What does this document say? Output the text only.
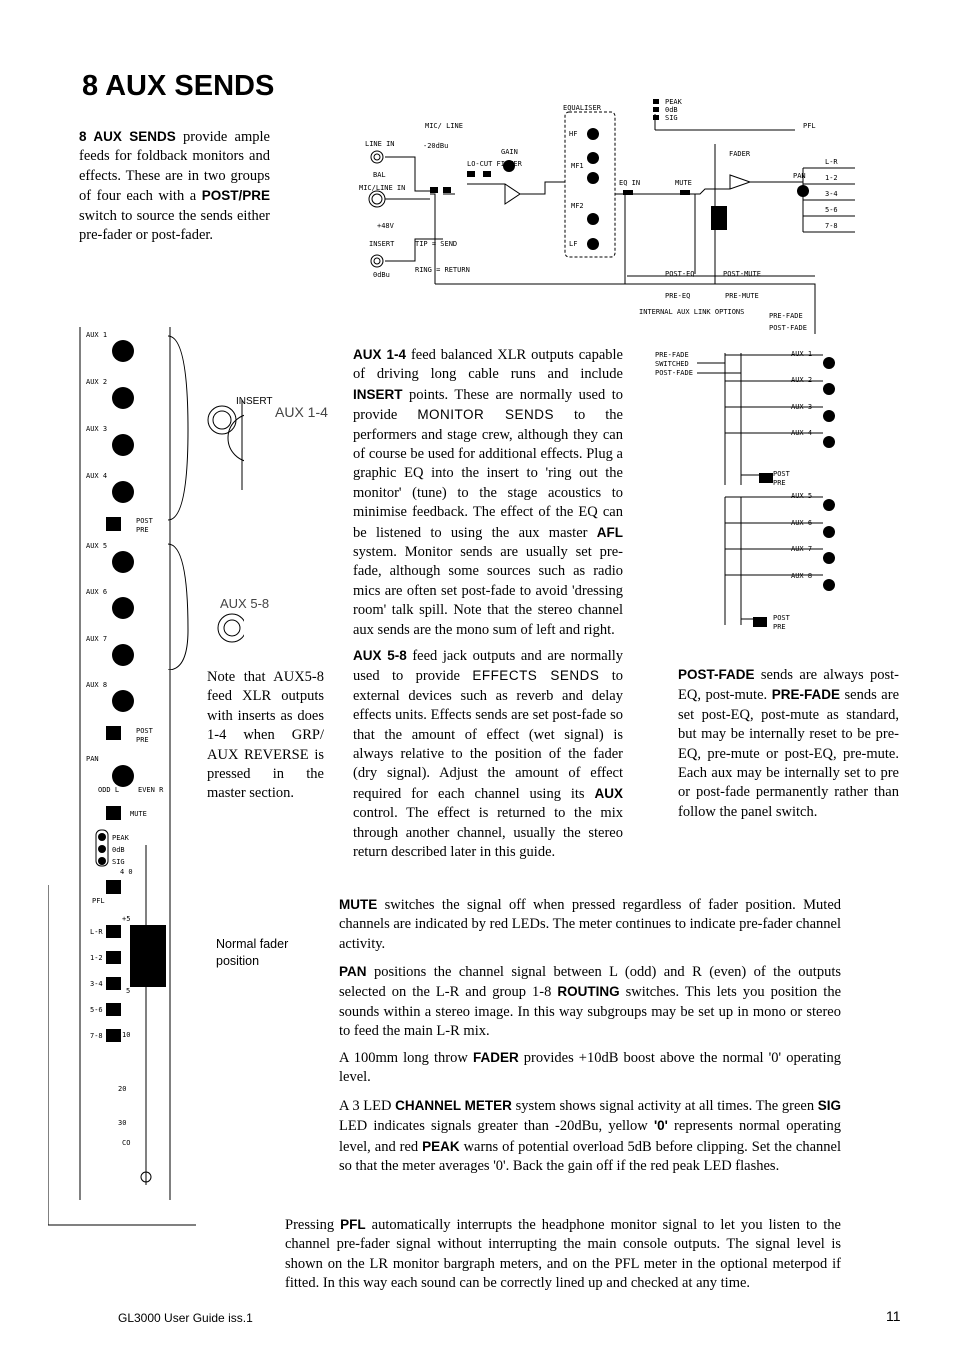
8 AUX SENDS
8 AUX SENDS provide ample feeds for foldback monitors and effects. These are in two groups of four each with a POST/PRE switch to source the sends either pre-fader or post-fader.
LINE IN
BAL
MIC/ LINE
-20dBu
MIC/LINE IN
+48V
INSERT
0dBu
TIP = SEND
RING = RETURN
GAIN
LO-CUT FILTER
EQUALISER
HF
MF1
MF2
LF
EQ IN	MUTE
FADER
PAN
PFL
PEAK
0dB
SIG
L-R
1-2
3-4
5-6
7-8
POST-EQ
PRE-EQ
POST-MUTE
PRE-MUTE
INTERNAL AUX LINK OPTIONS	PRE-FADE
POST-FADE
AUX 1
AUX 2
AUX 3
AUX 4
POST
PRE
AUX 5
AUX 6
AUX 7
AUX 8
POST
PRE
PAN
ODD L	EVEN R
MUTE
PEAK
0dB
SIG
4 0
PFL
L-R
1-2
3-4
5-6
7-8
+5
5
10
20
30
CO
INSERT
AUX 1-4
AUX 5-8
AUX 1-4 feed balanced XLR outputs capable of driving long cable runs and include INSERT points. These are normally used to provide MONITOR SENDS to the performers and stage crew, although they can of course be used for additional effects. Plug a graphic EQ into the insert to 'ring out the monitor' (tune) to the stage acoustics to minimise feedback. The effect of the EQ can be listened to using the aux master AFL system. Monitor sends are usually set pre-fade, although some sources such as radio mics are often set post-fade to avoid 'dressing room' talk spill. Note that the stereo channel aux sends are the mono sum of left and right.
AUX 5-8 feed jack outputs and are normally used to provide EFFECTS SENDS to external devices such as reverb and delay effects units. Effects sends are set post-fade so that the amount of effect (wet signal) is always relative to the position of the fader (dry signal). Adjust the amount of effect required for each channel using its AUX control. The effect is returned to the mix through another channel, usually the stereo return described later in this guide.
Note that AUX5-8 feed XLR outputs with inserts as does 1-4 when GRP/ AUX REVERSE is pressed in the master section.
PRE-FADE
SWITCHED
POST-FADE
AUX 1
AUX 2
AUX 3
AUX 4
POST
PRE
AUX 5
AUX 6
AUX 7
AUX 8
POST
PRE
POST-FADE sends are always post-EQ, post-mute. PRE-FADE sends are set post-EQ, post-mute as standard, but may be internally reset to be pre-EQ, pre-mute or post-EQ, pre-mute. Each aux may be internally set to pre or post-fade permanently rather than follow the panel switch.
Normal fader position
MUTE switches the signal off when pressed regardless of fader position. Muted channels are indicated by red LEDs. The meter continues to indicate pre-fader channel activity.
PAN positions the channel signal between L (odd) and R (even) of the outputs selected on the L-R and group 1-8 ROUTING switches. This lets you position the sounds within a stereo image. In this way subgroups may be set up in mono or stereo to feed the main L-R mix.
A 100mm long throw FADER provides +10dB boost above the normal '0' operating level.
A 3 LED CHANNEL METER system shows signal activity at all times. The green SIG LED indicates signals greater than -20dBu, yellow '0' represents normal operating level, and red PEAK warns of potential overload 5dB before clipping. Set the channel so that the meter averages '0'. Back the gain off if the red peak LED flashes.
Pressing PFL automatically interrupts the headphone monitor signal to let you listen to the channel pre-fader signal without interrupting the main console outputs. The signal level is shown on the LR monitor bargraph meters, and on the PFL meter in the optional meterpod if fitted. In this way each sound can be correctly lined up and checked at any time.
GL3000 User Guide iss.1	11
